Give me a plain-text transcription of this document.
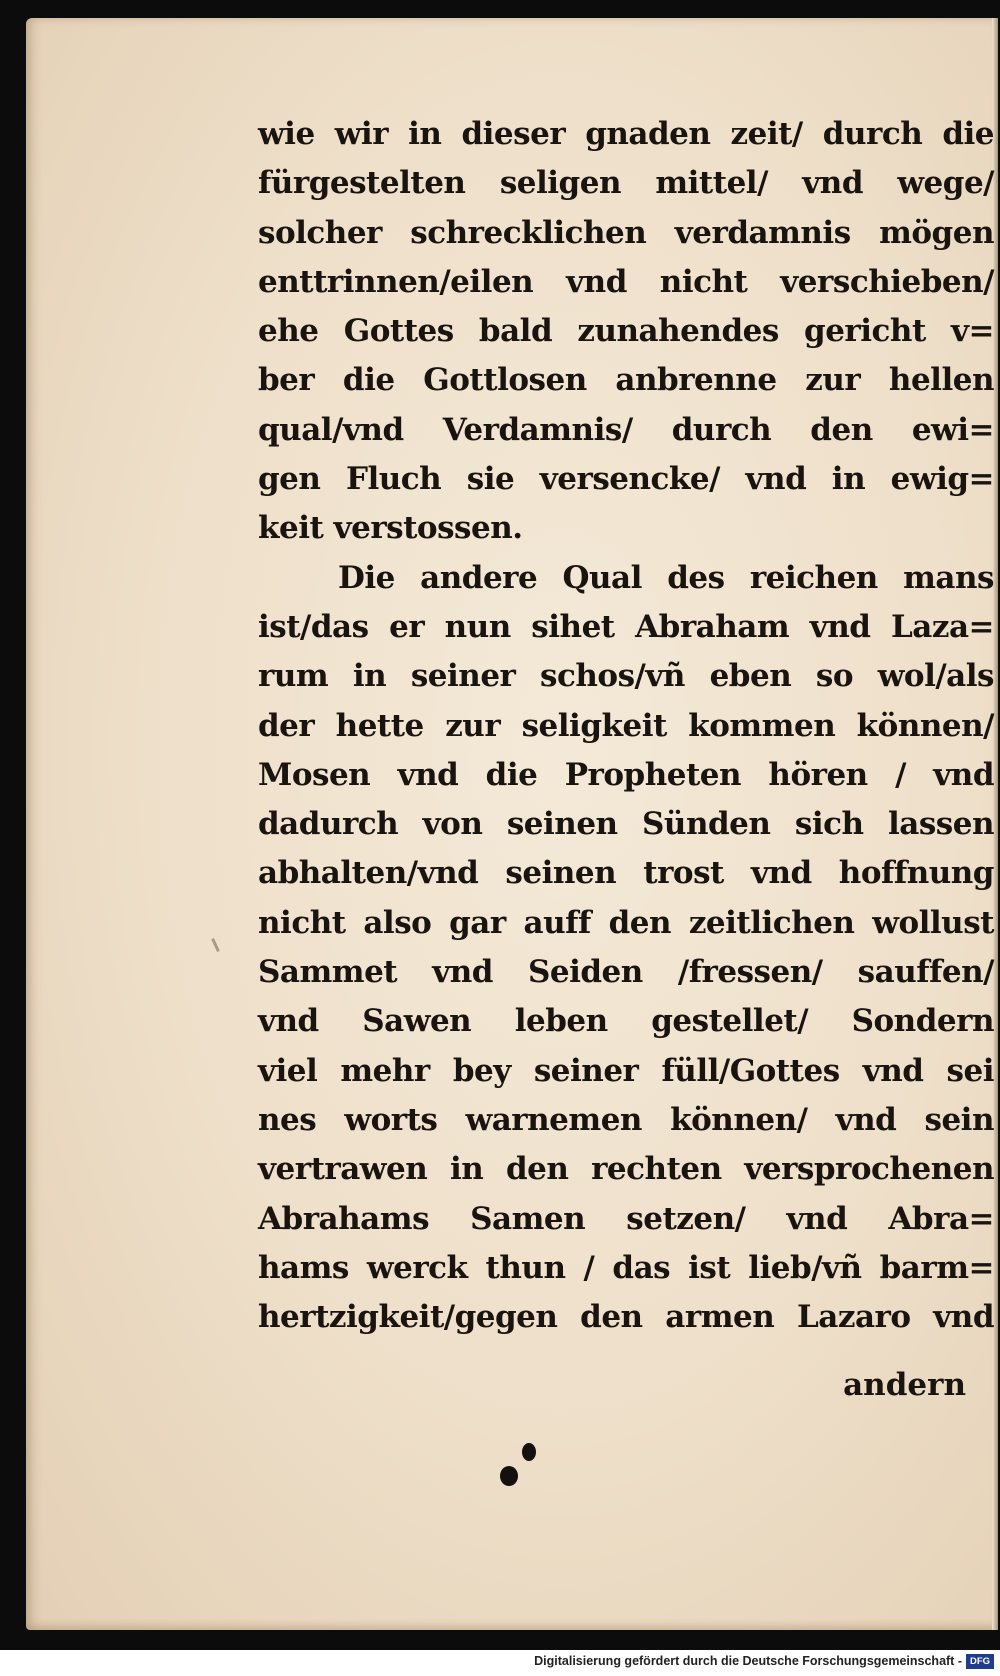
wie wir in dieser gnaden zeit/ durch die
fürgestelten seligen mittel/ vnd wege/
solcher schrecklichen verdamnis mögen
enttrinnen/eilen vnd nicht verschieben/
ehe Gottes bald zunahendes gericht v=
ber die Gottlosen anbrenne zur hellen
qual/vnd Verdamnis/ durch den ewi=
gen Fluch sie versencke/ vnd in ewig=
keit verstossen.
Die andere Qual des reichen mans
ist/das er nun sihet Abraham vnd Laza=
rum in seiner schos/vñ eben so wol/als
der hette zur seligkeit kommen können/
Mosen vnd die Propheten hören / vnd
dadurch von seinen Sünden sich lassen
abhalten/vnd seinen trost vnd hoffnung
nicht also gar auff den zeitlichen wollust
Sammet vnd Seiden /fressen/ sauffen/
vnd Sawen leben gestellet/ Sondern
viel mehr bey seiner füll/Gottes vnd sei
nes worts warnemen können/ vnd sein
vertrawen in den rechten versprochenen
Abrahams Samen setzen/ vnd Abra=
hams werck thun / das ist lieb/vñ barm=
hertzigkeit/gegen den armen Lazaro vnd
andern
Digitalisierung gefördert durch die Deutsche Forschungsgemeinschaft - DFG
